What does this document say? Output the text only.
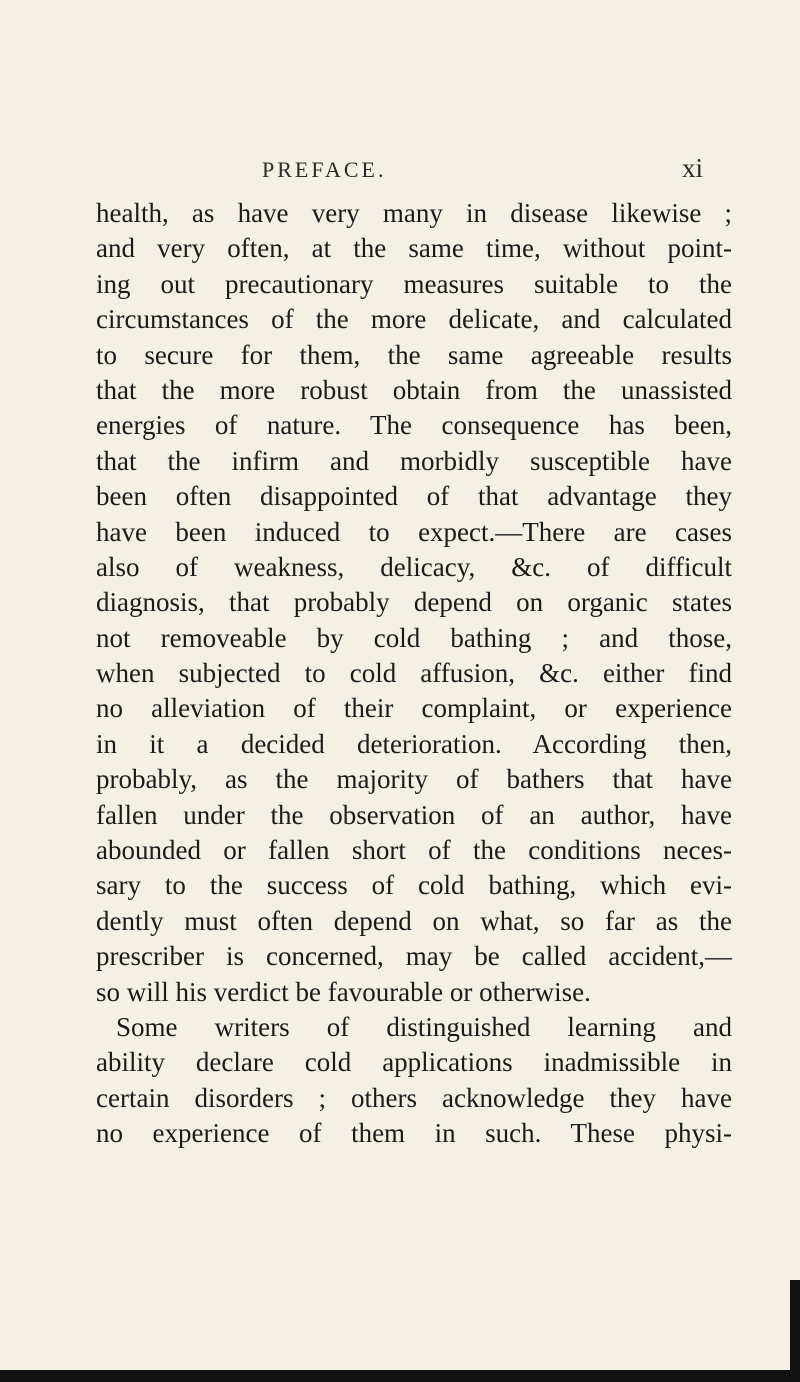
PREFACE.	xi
health, as have very many in disease likewise ;
and very often, at the same time, without point-
ing out precautionary measures suitable to the
circumstances of the more delicate, and calculated
to secure for them, the same agreeable results
that the more robust obtain from the unassisted
energies of nature. The consequence has been,
that the infirm and morbidly susceptible have
been often disappointed of that advantage they
have been induced to expect.—There are cases
also of weakness, delicacy, &c. of difficult
diagnosis, that probably depend on organic states
not removeable by cold bathing ; and those,
when subjected to cold affusion, &c. either find
no alleviation of their complaint, or experience
in it a decided deterioration. According then,
probably, as the majority of bathers that have
fallen under the observation of an author, have
abounded or fallen short of the conditions neces-
sary to the success of cold bathing, which evi-
dently must often depend on what, so far as the
prescriber is concerned, may be called accident,—
so will his verdict be favourable or otherwise.
Some writers of distinguished learning and
ability declare cold applications inadmissible in
certain disorders ; others acknowledge they have
no experience of them in such. These physi-
